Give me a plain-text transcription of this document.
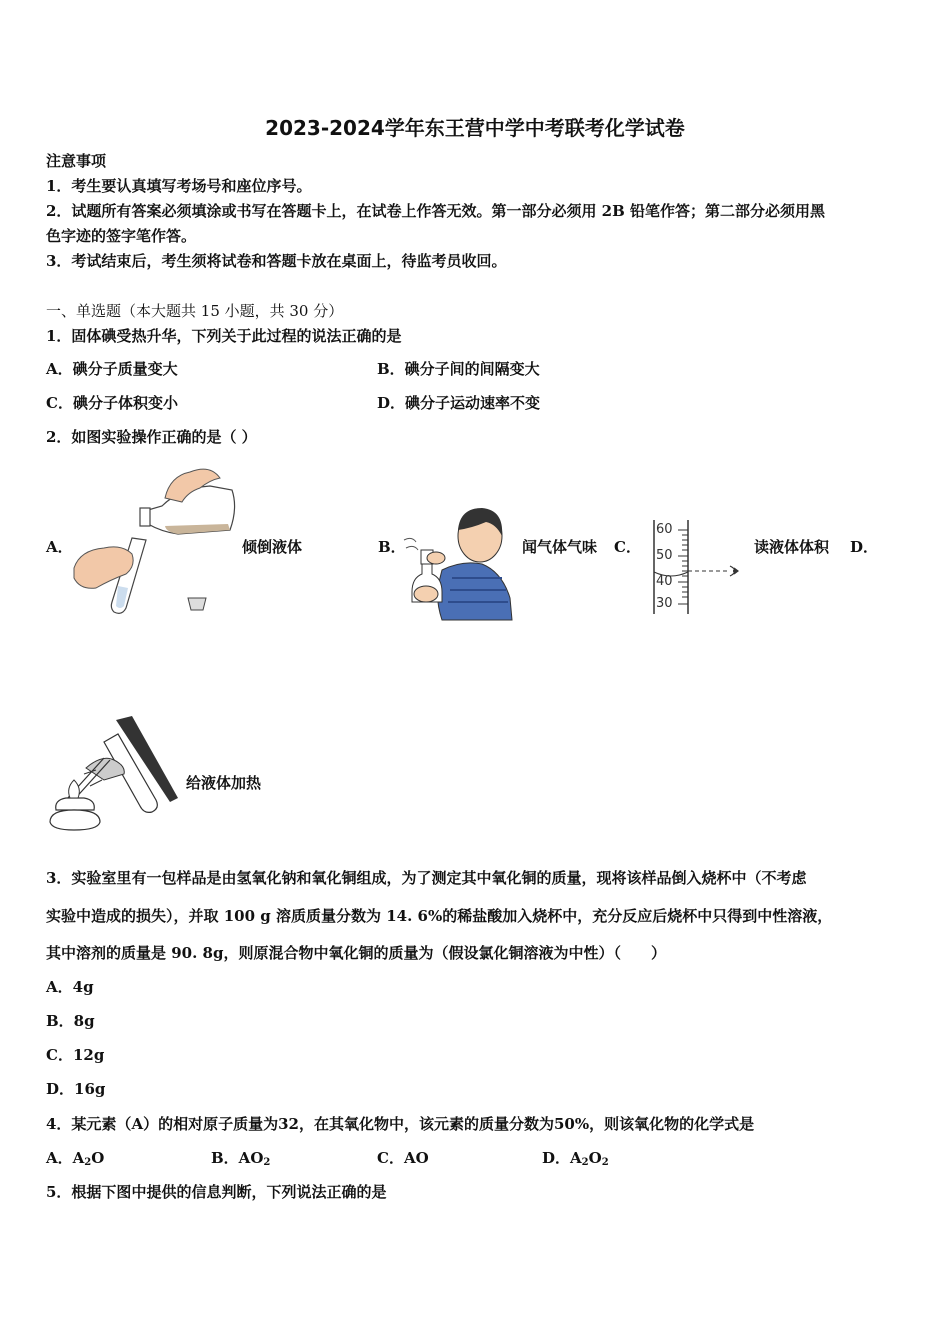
2023-2024学年东王营中学中考联考化学试卷
注意事项
1．考生要认真填写考场号和座位序号。
2．试题所有答案必须填涂或书写在答题卡上，在试卷上作答无效。第一部分必须用 2B 铅笔作答；第二部分必须用黑
色字迹的签字笔作答。
3．考试结束后，考生须将试卷和答题卡放在桌面上，待监考员收回。
一、单选题（本大题共 15 小题，共 30 分）
1．固体碘受热升华，下列关于此过程的说法正确的是
A．碘分子质量变大	B．碘分子间的间隔变大
C．碘分子体积变小	D．碘分子运动速率不变
2．如图实验操作正确的是（ ）
A．	倾倒液体	B．	闻气体气味 C．
60
50
40
30
读液体体积 D．
给液体加热
3．实验室里有一包样品是由氢氧化钠和氧化铜组成，为了测定其中氧化铜的质量，现将该样品倒入烧杯中（不考虑
实验中造成的损失），并取 100 g 溶质质量分数为 14. 6%的稀盐酸加入烧杯中，充分反应后烧杯中只得到中性溶液，
其中溶剂的质量是 90. 8g，则原混合物中氧化铜的质量为（假设氯化铜溶液为中性）（　　）
A．4g
B．8g
C．12g
D．16g
4．某元素（A）的相对原子质量为32，在其氧化物中，该元素的质量分数为50%，则该氧化物的化学式是
A．$A_2O$	B．$AO_2$	C．AO	D．$A_2O_2$
5．根据下图中提供的信息判断，下列说法正确的是
